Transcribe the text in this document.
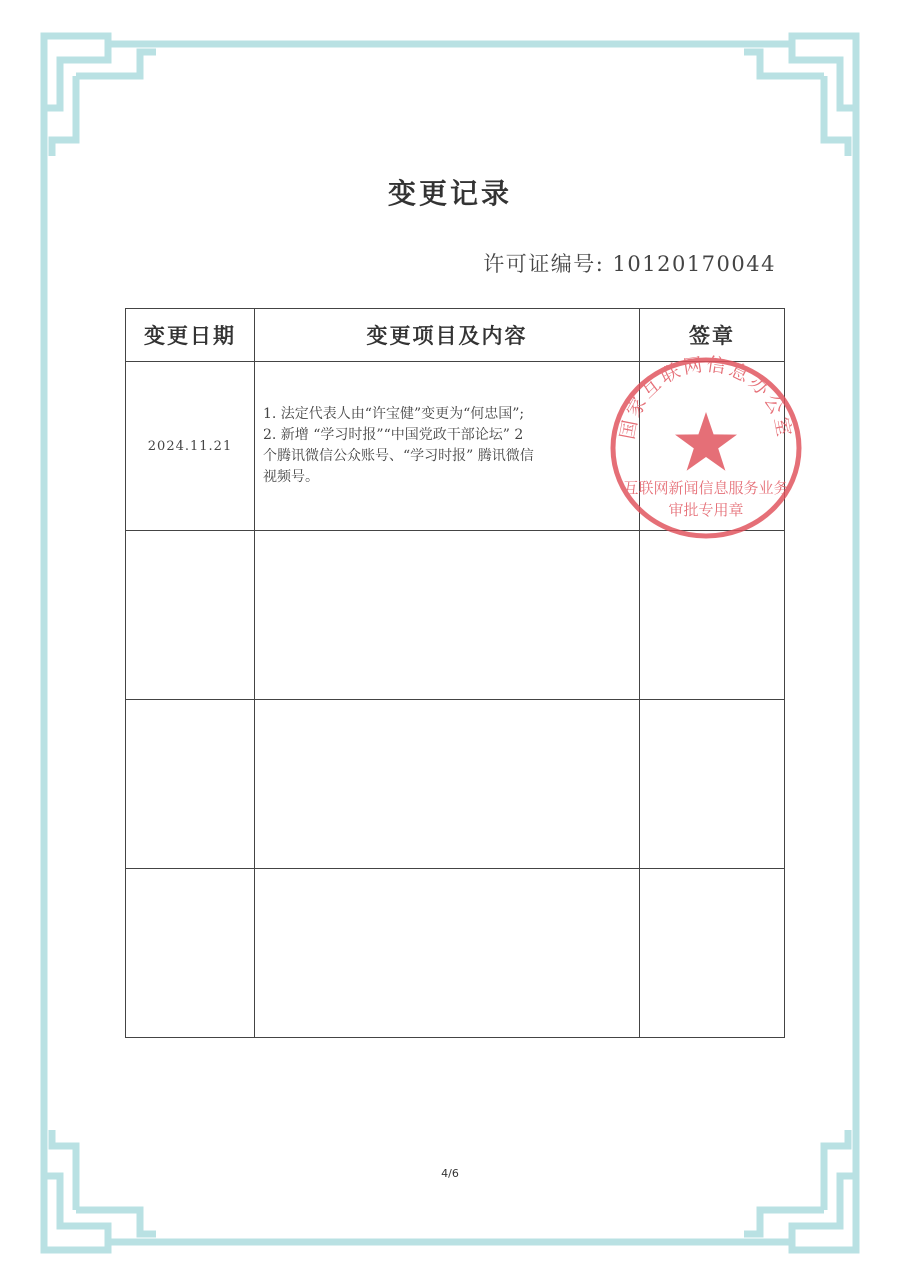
变更记录
许可证编号: 10120170044
变更日期	变更项目及内容	签章
2024.11.21	1. 法定代表人由“许宝健”变更为“何忠国”;
2. 新增 “学习时报”“中国党政干部论坛” 2
个腾讯微信公众账号、“学习时报” 腾讯微信
视频号。	

国家互联网信息办公室
互联网新闻信息服务业务
审批专用章
4/6
